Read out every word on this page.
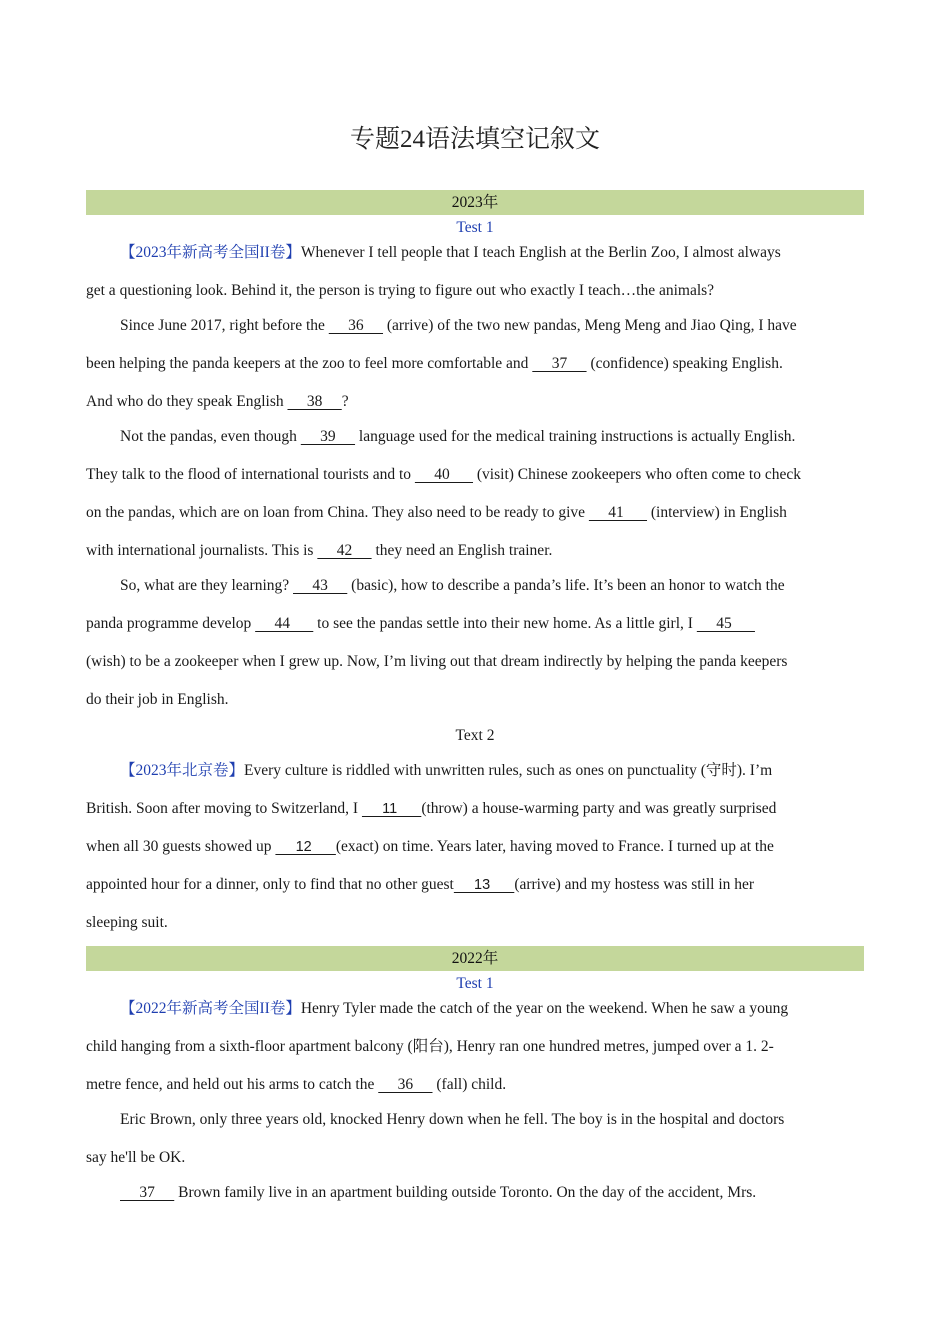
专题24语法填空记叙文
2023年
Test 1
【2023年新高考全国II卷】Whenever I tell people that I teach English at the Berlin Zoo, I almost always
get a questioning look. Behind it, the person is trying to figure out who exactly I teach…the animals?
Since June 2017, right before the      36      (arrive) of the two new pandas, Meng Meng and Jiao Qing, I have
been helping the panda keepers at the zoo to feel more comfortable and      37      (confidence) speaking English.
And who do they speak English      38     ?
Not the pandas, even though      39      language used for the medical training instructions is actually English.
They talk to the flood of international tourists and to      40       (visit) Chinese zookeepers who often come to check
on the pandas, which are on loan from China. They also need to be ready to give      41       (interview) in English
with international journalists. This is      42      they need an English trainer.
So, what are they learning?      43      (basic), how to describe a panda’s life. It’s been an honor to watch the
panda programme develop      44       to see the pandas settle into their new home. As a little girl, I      45
(wish) to be a zookeeper when I grew up. Now, I’m living out that dream indirectly by helping the panda keepers
do their job in English.
Text 2
【2023年北京卷】Every culture is riddled with unwritten rules, such as ones on punctuality (守时). I’m
British. Soon after moving to Switzerland, I      11      (throw) a house-warming party and was greatly surprised
when all 30 guests showed up      12      (exact) on time. Years later, having moved to France. I turned up at the
appointed hour for a dinner, only to find that no other guest     13      (arrive) and my hostess was still in her
sleeping suit.
2022年
Test 1
【2022年新高考全国II卷】Henry Tyler made the catch of the year on the weekend. When he saw a young
child hanging from a sixth-floor apartment balcony (阳台), Henry ran one hundred metres, jumped over a 1. 2-
metre fence, and held out his arms to catch the      36      (fall) child.
Eric Brown, only three years old, knocked Henry down when he fell. The boy is in the hospital and doctors
say he'll be OK.
37      Brown family live in an apartment building outside Toronto. On the day of the accident, Mrs.
